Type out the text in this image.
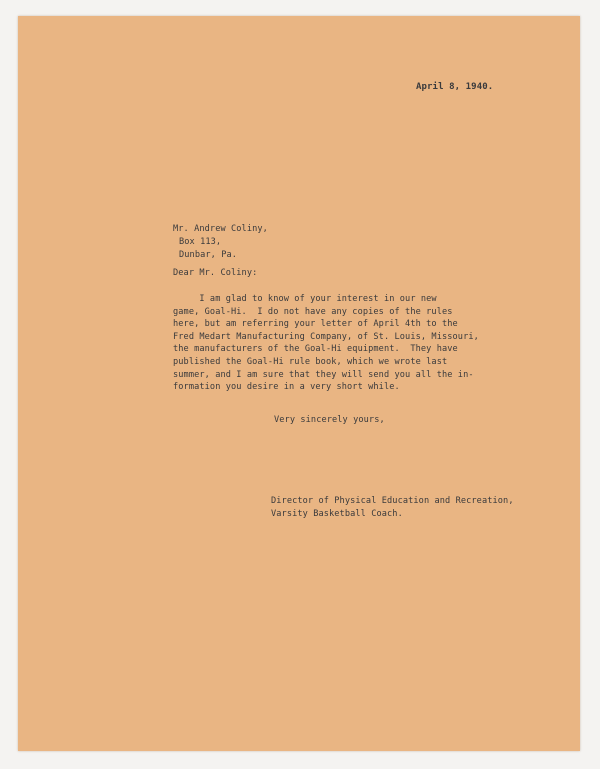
April 8, 1940.
Mr. Andrew Coliny,
Box 113,
Dunbar, Pa.
Dear Mr. Coliny:
I am glad to know of your interest in our new
game, Goal-Hi.  I do not have any copies of the rules
here, but am referring your letter of April 4th to the
Fred Medart Manufacturing Company, of St. Louis, Missouri,
the manufacturers of the Goal-Hi equipment.  They have
published the Goal-Hi rule book, which we wrote last
summer, and I am sure that they will send you all the in-
formation you desire in a very short while.
Very sincerely yours,
Director of Physical Education and Recreation,
Varsity Basketball Coach.
